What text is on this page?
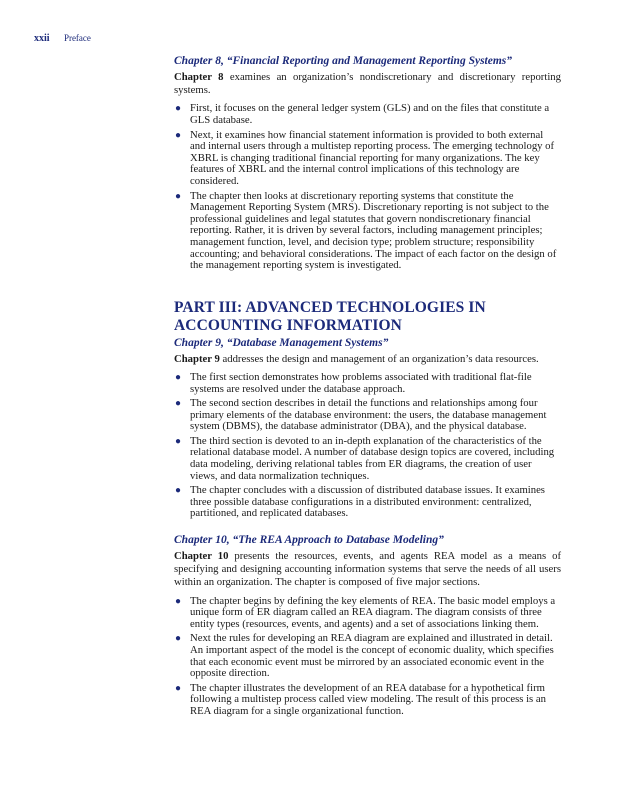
xxii Preface
Chapter 8, “Financial Reporting and Management Reporting Systems”

Chapter 8 examines an organization’s nondiscretionary and discretionary reporting systems.

● First, it focuses on the general ledger system (GLS) and on the files that constitute a GLS database.
● Next, it examines how financial statement information is provided to both external and internal users through a multistep reporting process. The emerging technology of XBRL is changing traditional financial reporting for many organizations. The key features of XBRL and the internal control implications of this technology are considered.
● The chapter then looks at discretionary reporting systems that constitute the Management Reporting System (MRS). Discretionary reporting is not subject to the professional guidelines and legal statutes that govern nondiscretionary financial reporting. Rather, it is driven by several factors, including management principles; management function, level, and decision type; problem structure; responsibility accounting; and behavioral considerations. The impact of each factor on the design of the management reporting system is investigated.
PART III: ADVANCED TECHNOLOGIES IN
ACCOUNTING INFORMATION
Chapter 9, “Database Management Systems”

Chapter 9 addresses the design and management of an organization’s data resources.

● The first section demonstrates how problems associated with traditional flat-file systems are resolved under the database approach.
● The second section describes in detail the functions and relationships among four primary elements of the database environment: the users, the database management system (DBMS), the database administrator (DBA), and the physical database.
● The third section is devoted to an in-depth explanation of the characteristics of the relational database model. A number of database design topics are covered, including data modeling, deriving relational tables from ER diagrams, the creation of user views, and data normalization techniques.
● The chapter concludes with a discussion of distributed database issues. It examines three possible database configurations in a distributed environment: centralized, partitioned, and replicated databases.
Chapter 10, “The REA Approach to Database Modeling”

Chapter 10 presents the resources, events, and agents REA model as a means of specifying and designing accounting information systems that serve the needs of all users within an organization. The chapter is composed of five major sections.

● The chapter begins by defining the key elements of REA. The basic model employs a unique form of ER diagram called an REA diagram. The diagram consists of three entity types (resources, events, and agents) and a set of associations linking them.
● Next the rules for developing an REA diagram are explained and illustrated in detail. An important aspect of the model is the concept of economic duality, which specifies that each economic event must be mirrored by an associated economic event in the opposite direction.
● The chapter illustrates the development of an REA database for a hypothetical firm following a multistep process called view modeling. The result of this process is an REA diagram for a single organizational function.
